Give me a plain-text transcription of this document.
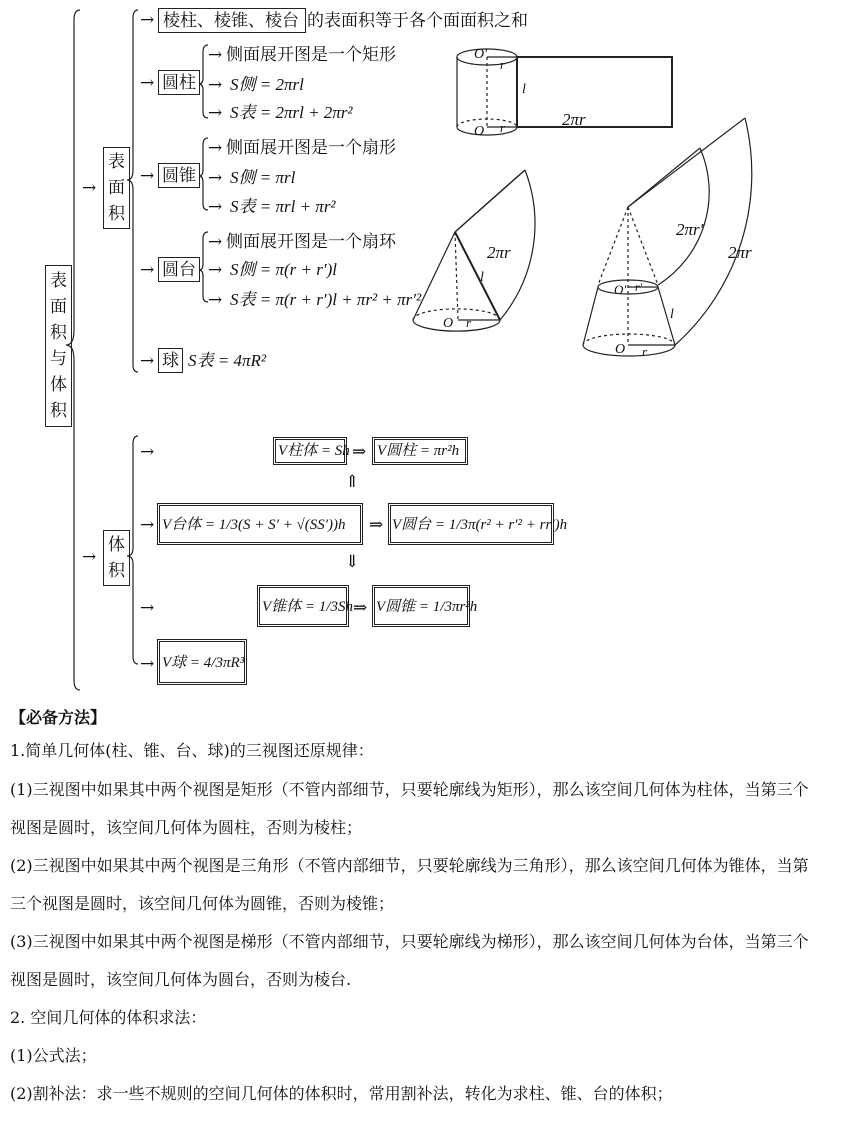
表
面
积
与
体
积
→
表
面
积
→
体
积
→ 棱柱、棱锥、棱台 的表面积等于各个面面积之和
→ 圆柱
→ 侧面展开图是一个矩形
→ S侧 = 2πrl
→ S表 = 2πrl + 2πr²
→ 圆锥
→ 侧面展开图是一个扇形
→ S侧 = πrl
→ S表 = πrl + πr²
→ 圆台
→ 侧面展开图是一个扇环
→ S侧 = π(r + r′)l
→ S表 = π(r + r′)l + πr² + πr′²
→ 球 S表 = 4πR²
O′
r
l
O r	2πr
2πr
l
O r
2πr′
2πr
O′ r′
l
O r
→	V柱体 = Sh ⇒ V圆柱 = πr²h
⇑
→ V台体 = 1/3(S + S′ + √(SS′))h ⇒ V圆台 = 1/3π(r² + r′² + rr′)h
⇓
→	V锥体 = 1/3Sh ⇒ V圆锥 = 1/3πr²h
→ V球 = 4/3πR³
【必备方法】
1.简单几何体(柱、锥、台、球)的三视图还原规律：
(1)三视图中如果其中两个视图是矩形（不管内部细节，只要轮廓线为矩形），那么该空间几何体为柱体，当第三个
视图是圆时，该空间几何体为圆柱，否则为棱柱；
(2)三视图中如果其中两个视图是三角形（不管内部细节，只要轮廓线为三角形），那么该空间几何体为锥体，当第
三个视图是圆时，该空间几何体为圆锥，否则为棱锥；
(3)三视图中如果其中两个视图是梯形（不管内部细节，只要轮廓线为梯形），那么该空间几何体为台体，当第三个
视图是圆时，该空间几何体为圆台，否则为棱台.
2. 空间几何体的体积求法：
(1)公式法；
(2)割补法：求一些不规则的空间几何体的体积时，常用割补法，转化为求柱、锥、台的体积；
